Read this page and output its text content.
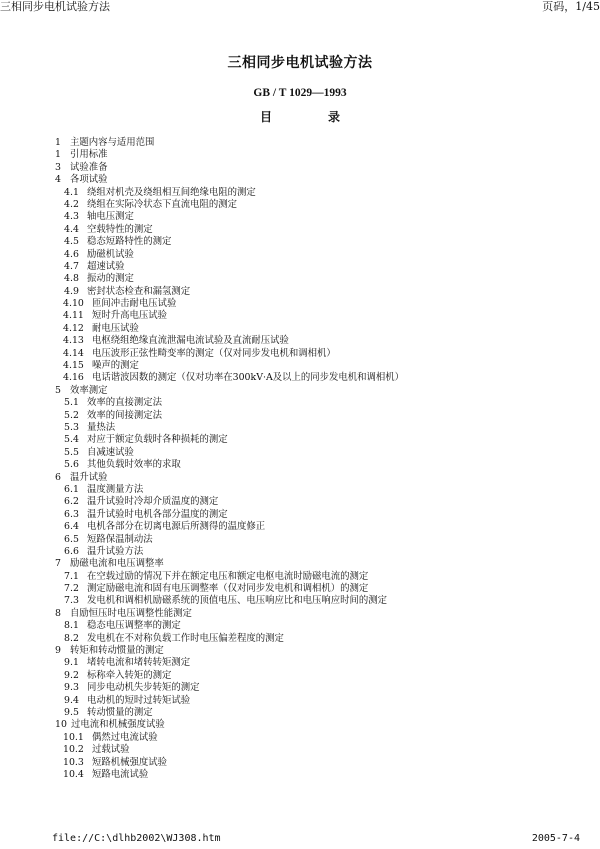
三相同步电机试验方法	页码，1/45
三相同步电机试验方法
GB / T 1029—1993
目　录
1 主题内容与适用范围
1 引用标准
3 试验准备
4 各项试验
4.1 绕组对机壳及绕组相互间绝缘电阻的测定
4.2 绕组在实际冷状态下直流电阻的测定
4.3 轴电压测定
4.4 空载特性的测定
4.5 稳态短路特性的测定
4.6 励磁机试验
4.7 超速试验
4.8 振动的测定
4.9 密封状态检查和漏氢测定
4.10 匝间冲击耐电压试验
4.11 短时升高电压试验
4.12 耐电压试验
4.13 电枢绕组绝缘直流泄漏电流试验及直流耐压试验
4.14 电压波形正弦性畸变率的测定（仅对同步发电机和调相机）
4.15 噪声的测定
4.16 电话谐波因数的测定（仅对功率在300kV·A及以上的同步发电机和调相机）
5 效率测定
5.1 效率的直接测定法
5.2 效率的间接测定法
5.3 量热法
5.4 对应于额定负载时各种损耗的测定
5.5 自减速试验
5.6 其他负载时效率的求取
6 温升试验
6.1 温度测量方法
6.2 温升试验时冷却介质温度的测定
6.3 温升试验时电机各部分温度的测定
6.4 电机各部分在切离电源后所测得的温度修正
6.5 短路保温制动法
6.6 温升试验方法
7 励磁电流和电压调整率
7.1 在空载过励的情况下并在额定电压和额定电枢电流时励磁电流的测定
7.2 测定励磁电流和固有电压调整率（仅对同步发电机和调相机）的测定
7.3 发电机和调相机励磁系统的顶值电压、电压响应比和电压响应时间的测定
8 自励恒压时电压调整性能测定
8.1 稳态电压调整率的测定
8.2 发电机在不对称负载工作时电压偏差程度的测定
9 转矩和转动惯量的测定
9.1 堵转电流和堵转转矩测定
9.2 标称牵入转矩的测定
9.3 同步电动机失步转矩的测定
9.4 电动机的短时过转矩试验
9.5 转动惯量的测定
10 过电流和机械强度试验
10.1 偶然过电流试验
10.2 过载试验
10.3 短路机械强度试验
10.4 短路电流试验
file://C:\dlhb2002\WJ308.htm	2005-7-4
